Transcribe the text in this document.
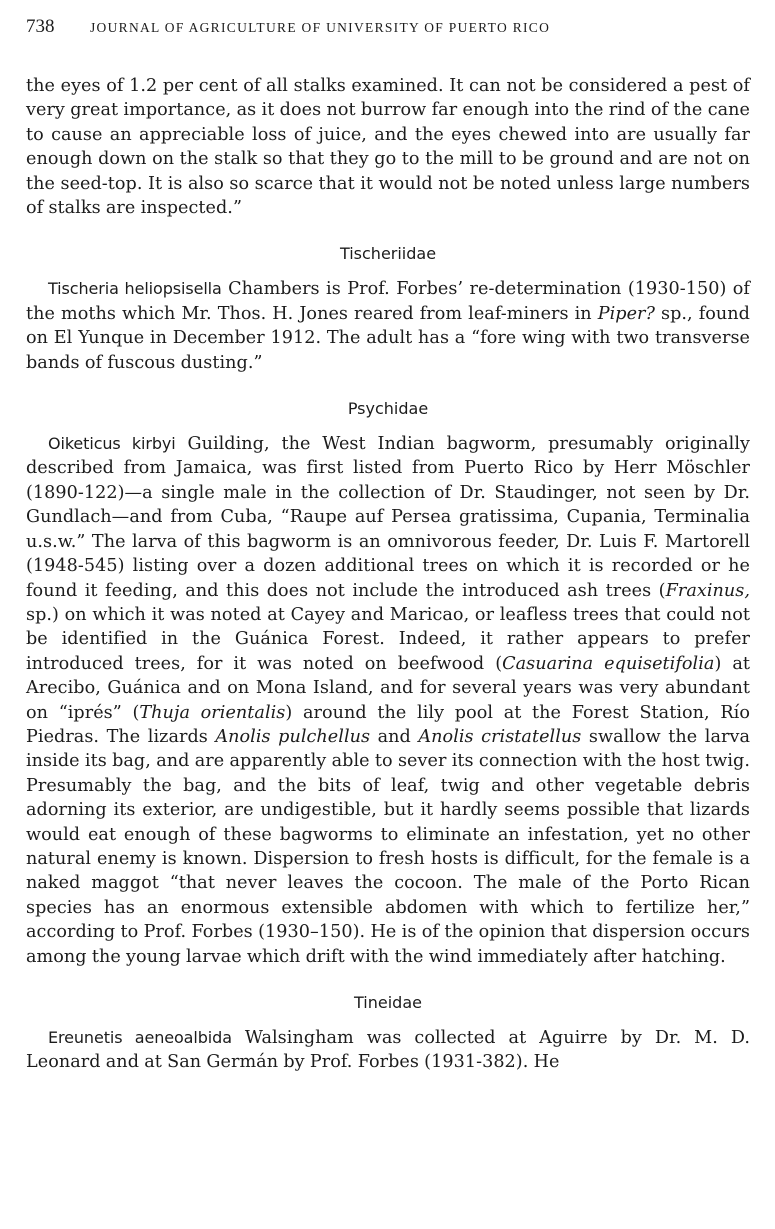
738	JOURNAL OF AGRICULTURE OF UNIVERSITY OF PUERTO RICO

the eyes of 1.2 per cent of all stalks examined. It can not be considered a pest of very great importance, as it does not burrow far enough into the rind of the cane to cause an appreciable loss of juice, and the eyes chewed into are usually far enough down on the stalk so that they go to the mill to be ground and are not on the seed-top. It is also so scarce that it would not be noted unless large numbers of stalks are inspected.”

Tischeriidae

Tischeria heliopsisella Chambers is Prof. Forbes’ re-determination (1930-150) of the moths which Mr. Thos. H. Jones reared from leaf-miners in Piper? sp., found on El Yunque in December 1912. The adult has a “fore wing with two transverse bands of fuscous dusting.”

Psychidae

Oiketicus kirbyi Guilding, the West Indian bagworm, presumably originally described from Jamaica, was first listed from Puerto Rico by Herr Möschler (1890-122)—a single male in the collection of Dr. Staudinger, not seen by Dr. Gundlach—and from Cuba, “Raupe auf Persea gratissima, Cupania, Terminalia u.s.w.” The larva of this bagworm is an omnivorous feeder, Dr. Luis F. Martorell (1948-545) listing over a dozen additional trees on which it is recorded or he found it feeding, and this does not include the introduced ash trees (Fraxinus, sp.) on which it was noted at Cayey and Maricao, or leafless trees that could not be identified in the Guánica Forest. Indeed, it rather appears to prefer introduced trees, for it was noted on beefwood (Casuarina equisetifolia) at Arecibo, Guánica and on Mona Island, and for several years was very abundant on “iprés” (Thuja orientalis) around the lily pool at the Forest Station, Río Piedras. The lizards Anolis pulchellus and Anolis cristatellus swallow the larva inside its bag, and are apparently able to sever its connection with the host twig. Presumably the bag, and the bits of leaf, twig and other vegetable debris adorning its exterior, are undigestible, but it hardly seems possible that lizards would eat enough of these bagworms to eliminate an infestation, yet no other natural enemy is known. Dispersion to fresh hosts is difficult, for the female is a naked maggot “that never leaves the cocoon. The male of the Porto Rican species has an enormous extensible abdomen with which to fertilize her,” according to Prof. Forbes (1930–150). He is of the opinion that dispersion occurs among the young larvae which drift with the wind immediately after hatching.

Tineidae

Ereunetis aeneoalbida Walsingham was collected at Aguirre by Dr. M. D. Leonard and at San Germán by Prof. Forbes (1931-382). He
